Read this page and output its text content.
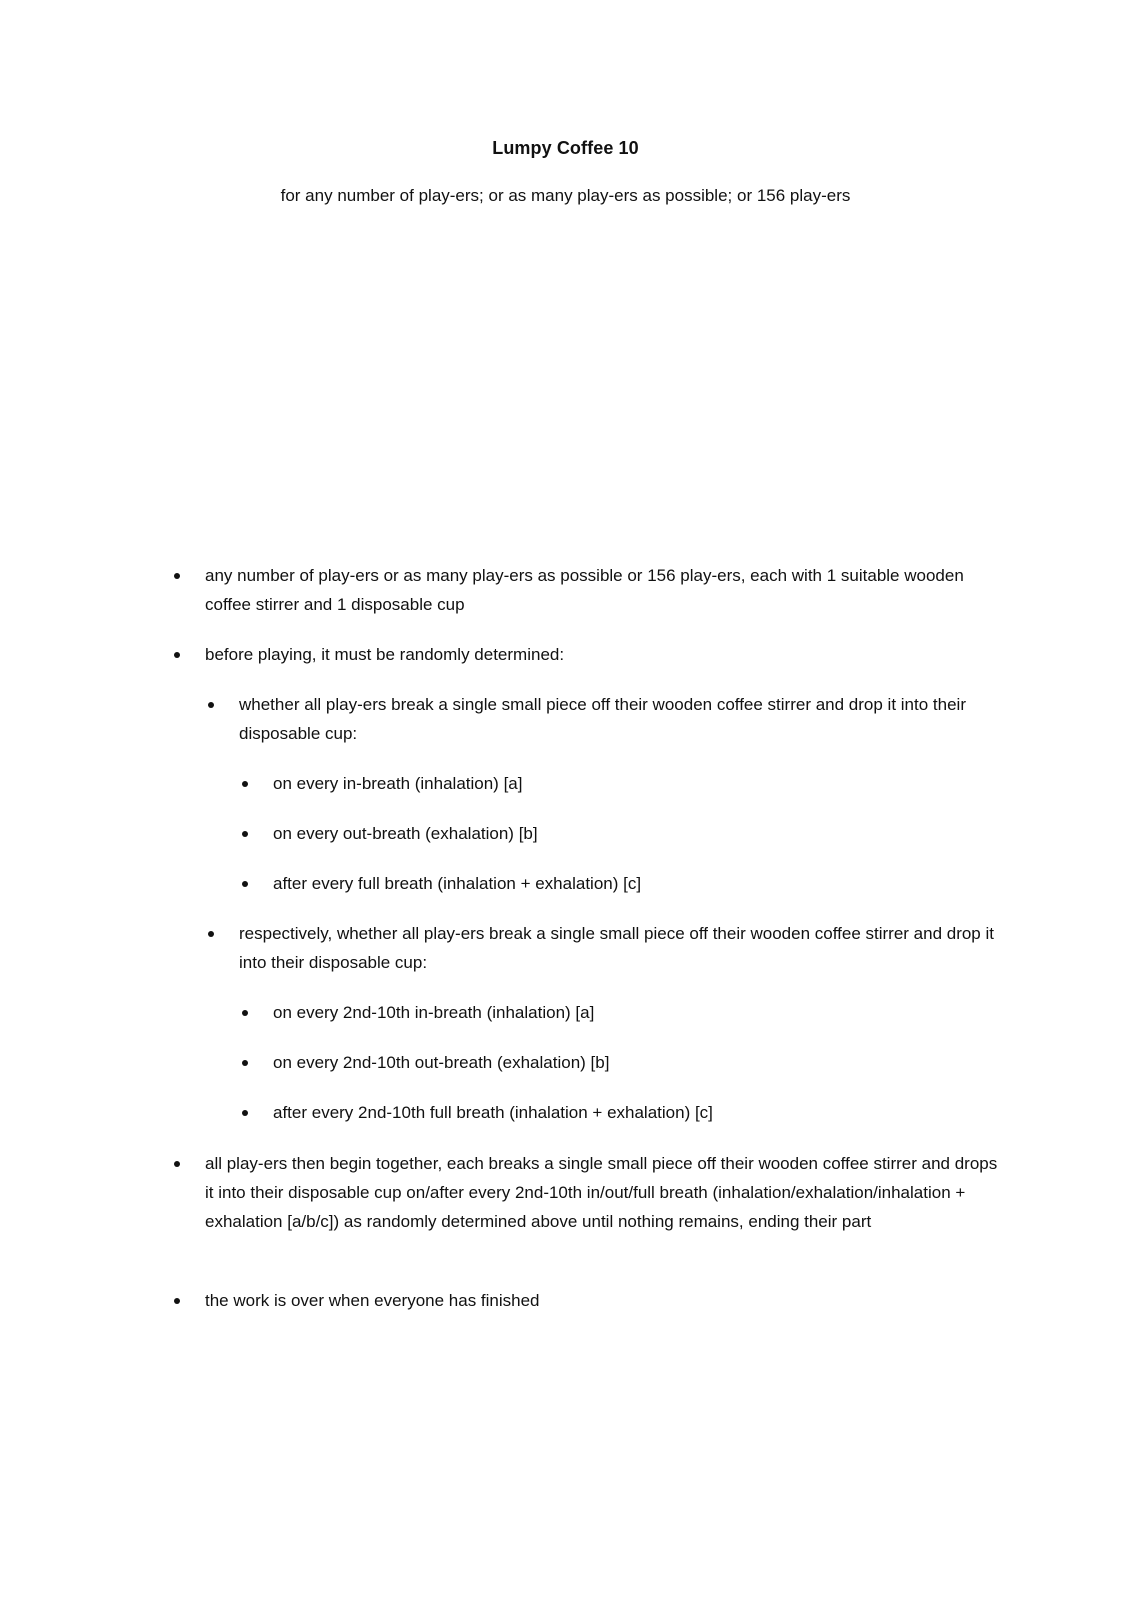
Lumpy Coffee 10
for any number of play-ers; or as many play-ers as possible; or 156 play-ers
any number of play-ers or as many play-ers as possible or 156 play-ers, each with 1 suitable wooden coffee stirrer and 1 disposable cup
before playing, it must be randomly determined:
whether all play-ers break a single small piece off their wooden coffee stirrer and drop it into their disposable cup:
on every in-breath (inhalation) [a]
on every out-breath (exhalation) [b]
after every full breath (inhalation + exhalation) [c]
respectively, whether all play-ers break a single small piece off their wooden coffee stirrer and drop it into their disposable cup:
on every 2nd-10th in-breath (inhalation) [a]
on every 2nd-10th out-breath (exhalation) [b]
after every 2nd-10th full breath (inhalation + exhalation) [c]
all play-ers then begin together, each breaks a single small piece off their wooden coffee stirrer and drops it into their disposable cup on/after every 2nd-10th in/out/full breath (inhalation/exhalation/inhalation + exhalation [a/b/c]) as randomly determined above until nothing remains, ending their part
the work is over when everyone has finished
